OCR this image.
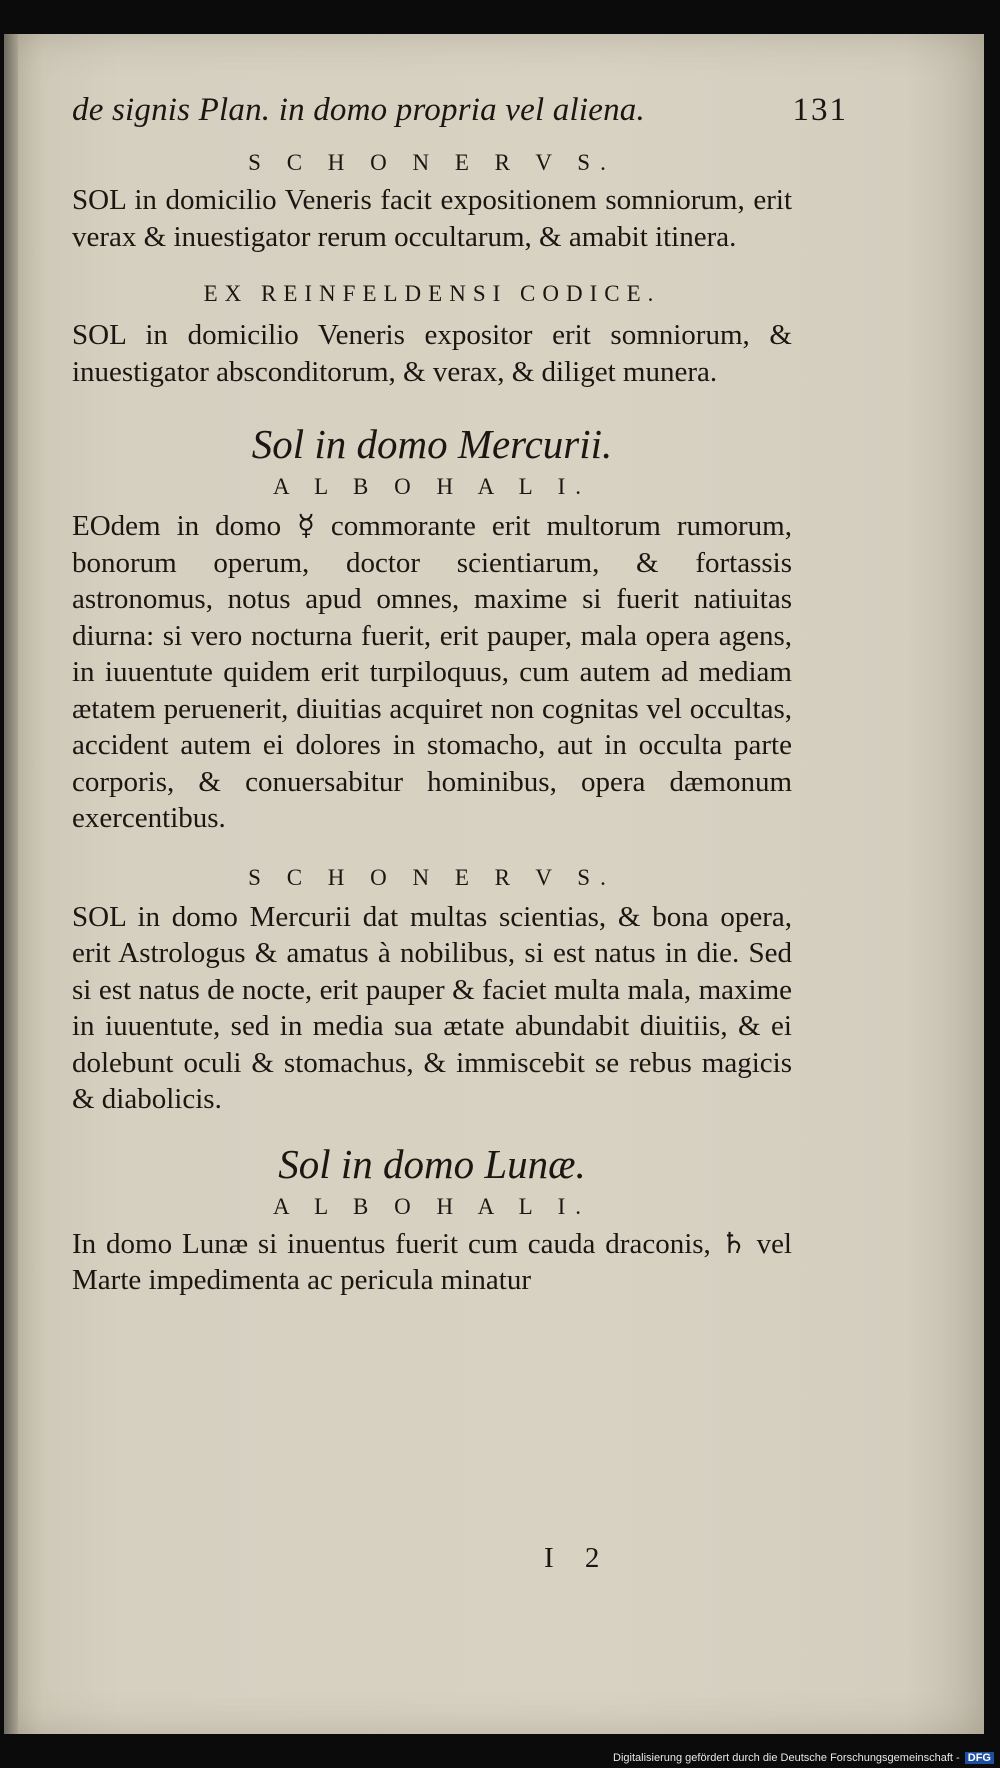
de signis Plan. in domo propria vel aliena.	131

S C H O N E R V S.

SOL in domicilio Veneris facit expositionem somniorum, erit verax & inuestigator rerum occultarum, & amabit itinera.

EX REINFELDENSI CODICE.

SOL in domicilio Veneris expositor erit somniorum, & inuestigator absconditorum, & verax, & diliget munera.

Sol in domo Mercurii.

A L B O H A L I.

EOdem in domo ☿ commorante erit multorum rumorum, bonorum operum, doctor scientiarum, & fortassis astronomus, notus apud omnes, maxime si fuerit natiuitas diurna: si vero nocturna fuerit, erit pauper, mala opera agens, in iuuentute quidem erit turpiloquus, cum autem ad mediam ætatem peruenerit, diuitias acquiret non cognitas vel occultas, accident autem ei dolores in stomacho, aut in occulta parte corporis, & conuersabitur hominibus, opera dæmonum exercentibus.

S C H O N E R V S.

SOL in domo Mercurii dat multas scientias, & bona opera, erit Astrologus & amatus à nobilibus, si est natus in die. Sed si est natus de nocte, erit pauper & faciet multa mala, maxime in iuuentute, sed in media sua ætate abundabit diuitiis, & ei dolebunt oculi & stomachus, & immiscebit se rebus magicis & diabolicis.

Sol in domo Lunæ.

A L B O H A L I.

In domo Lunæ si inuentus fuerit cum cauda draconis, ♄ vel Marte impedimenta ac pericula minatur

I 2
Digitalisierung gefördert durch die Deutsche Forschungsgemeinschaft - DFG
